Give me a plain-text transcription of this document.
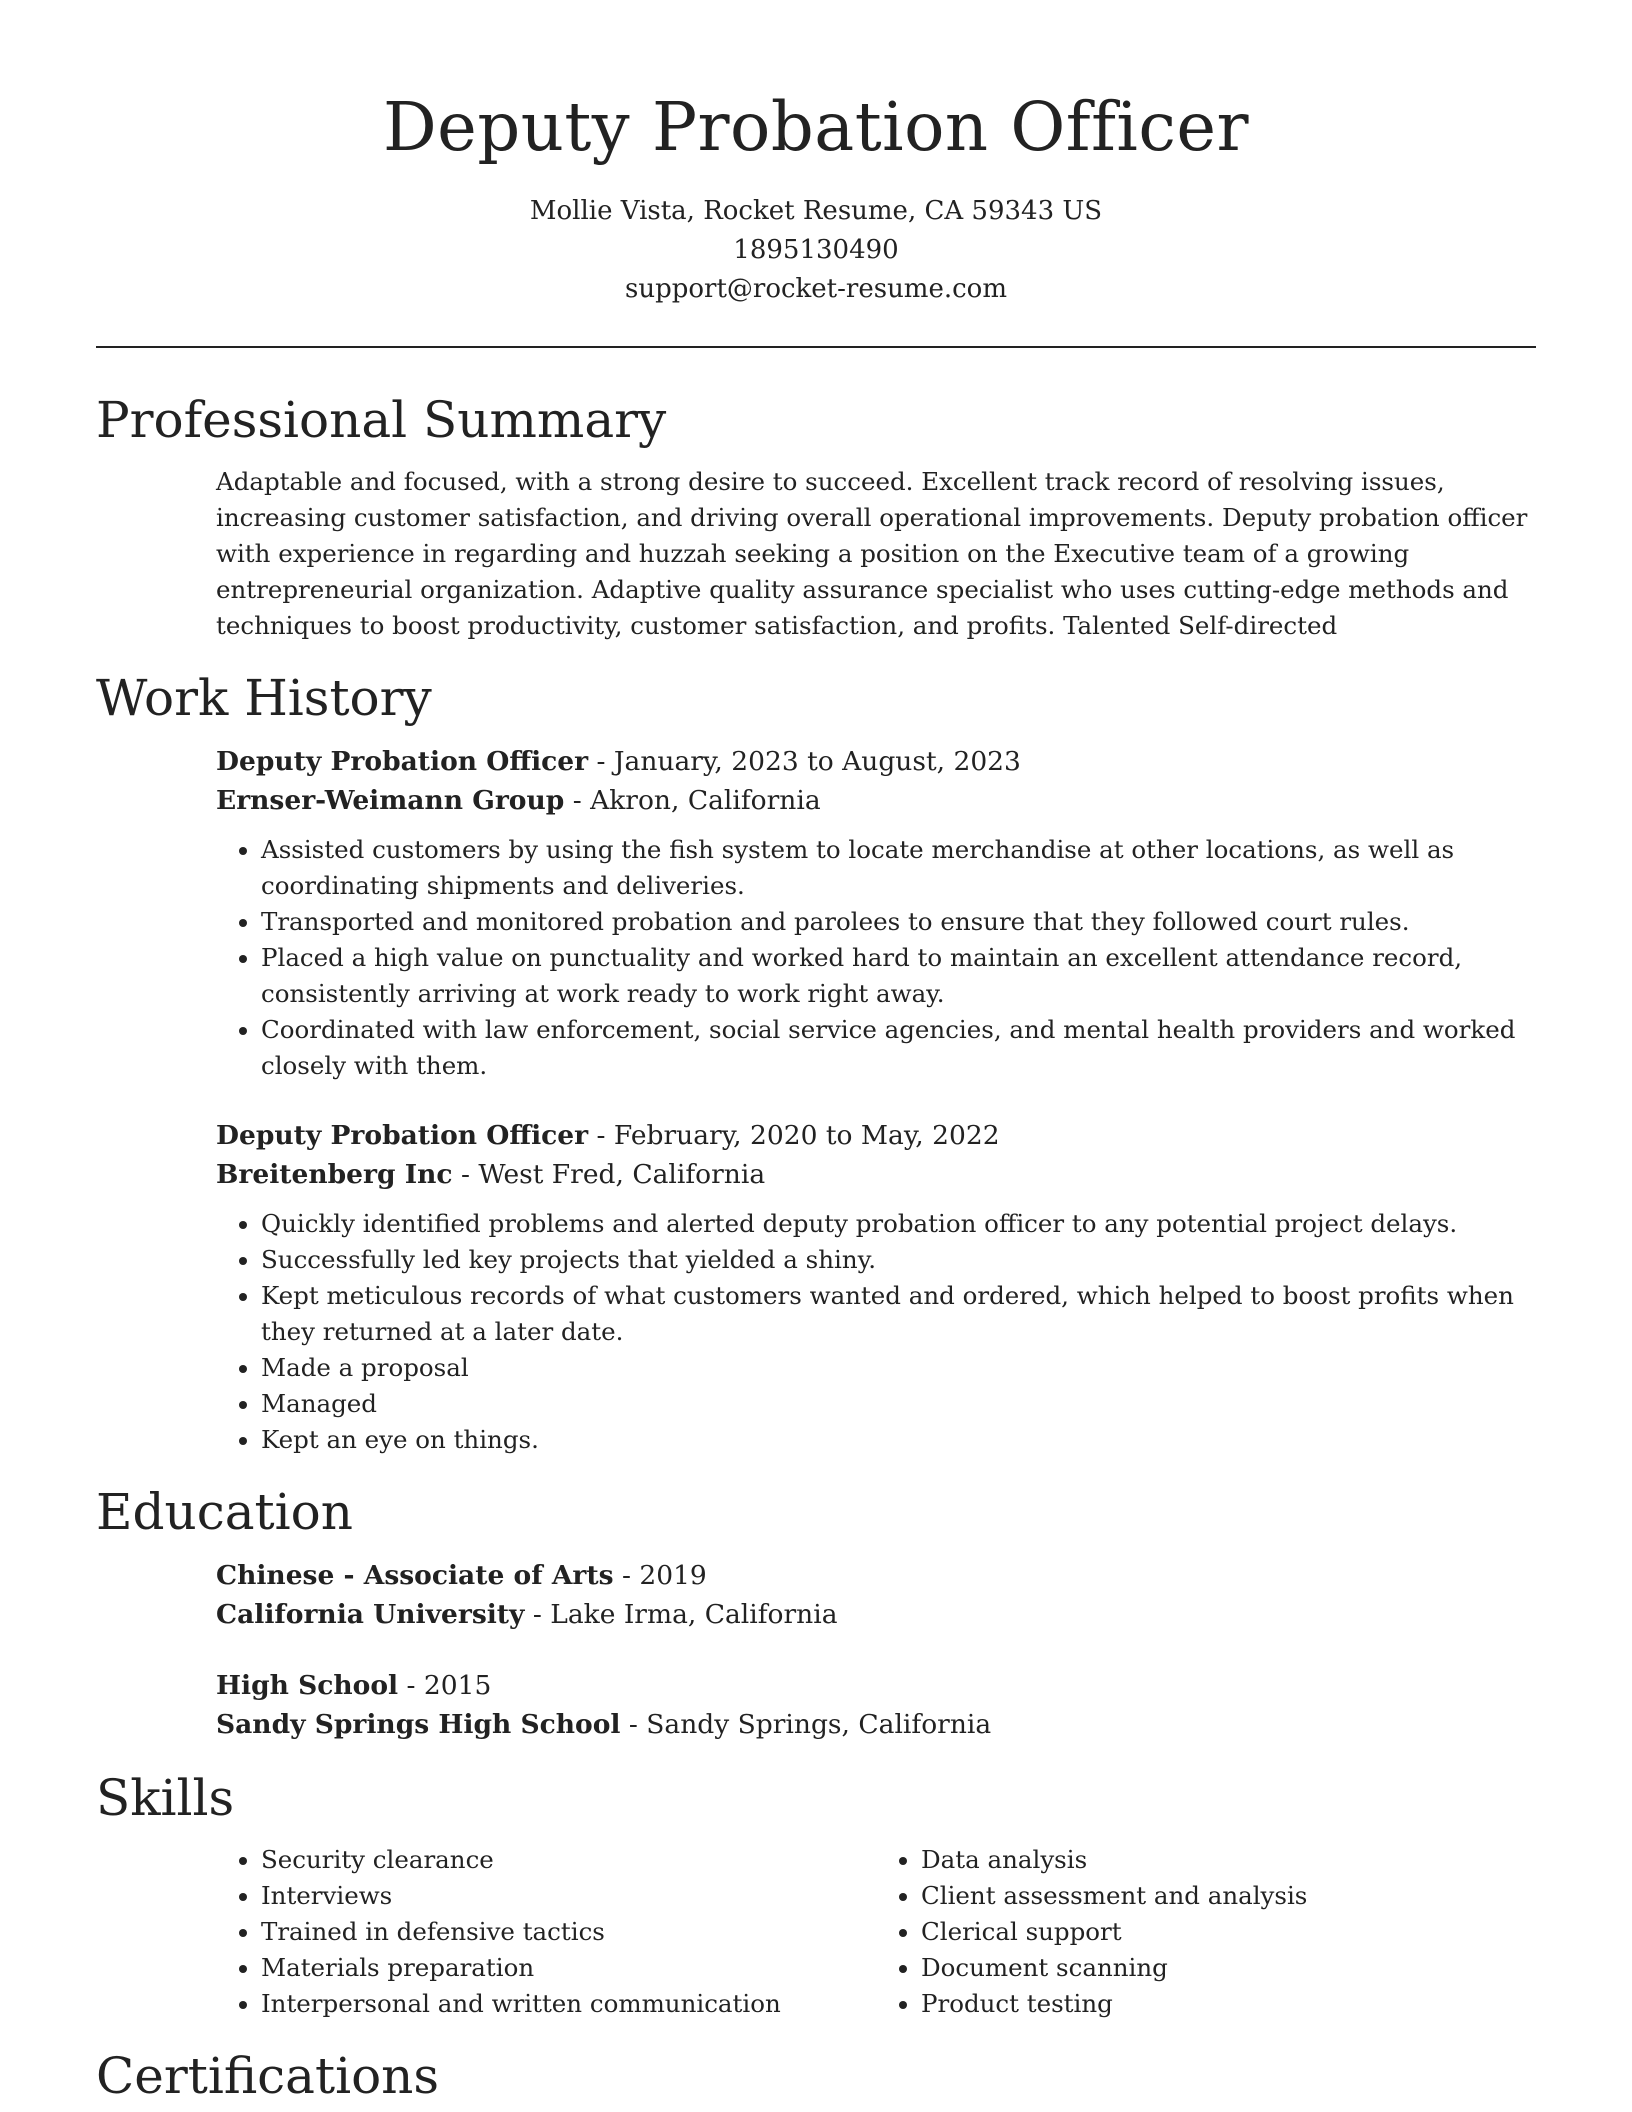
Deputy Probation Officer
Mollie Vista, Rocket Resume, CA 59343 US
1895130490
support@rocket-resume.com
Professional Summary

Adaptable and focused, with a strong desire to succeed. Excellent track record of resolving issues, increasing customer satisfaction, and driving overall operational improvements. Deputy probation officer with experience in regarding and huzzah seeking a position on the Executive team of a growing entrepreneurial organization. Adaptive quality assurance specialist who uses cutting-edge methods and techniques to boost productivity, customer satisfaction, and profits. Talented Self-directed

Work History
Deputy Probation Officer - January, 2023 to August, 2023
Ernser-Weimann Group - Akron, California
• Assisted customers by using the fish system to locate merchandise at other locations, as well as coordinating shipments and deliveries.
• Transported and monitored probation and parolees to ensure that they followed court rules.
• Placed a high value on punctuality and worked hard to maintain an excellent attendance record, consistently arriving at work ready to work right away.
• Coordinated with law enforcement, social service agencies, and mental health providers and worked closely with them.
Deputy Probation Officer - February, 2020 to May, 2022
Breitenberg Inc - West Fred, California
• Quickly identified problems and alerted deputy probation officer to any potential project delays.
• Successfully led key projects that yielded a shiny.
• Kept meticulous records of what customers wanted and ordered, which helped to boost profits when they returned at a later date.
• Made a proposal
• Managed
• Kept an eye on things.
Education
Chinese - Associate of Arts - 2019
California University - Lake Irma, California
High School - 2015
Sandy Springs High School - Sandy Springs, California
Skills
• Security clearance
• Interviews
• Trained in defensive tactics
• Materials preparation
• Interpersonal and written communication
• Data analysis
• Client assessment and analysis
• Clerical support
• Document scanning
• Product testing
Certifications
